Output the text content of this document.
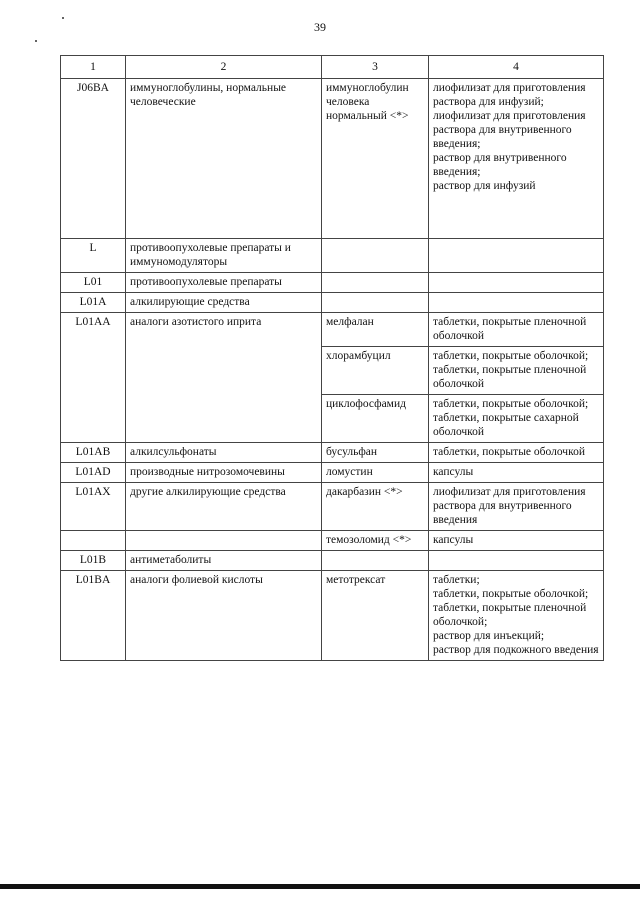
39
1	2	3	4
J06BA	иммуноглобулины, нормальные человеческие	иммуноглобулин человека нормальный <*>	лиофилизат для приготовления раствора для инфузий;
лиофилизат для приготовления раствора для внутривенного введения;
раствор для внутривенного введения;
раствор для инфузий
L	противоопухолевые препараты и иммуномодуляторы		
L01	противоопухолевые препараты		
L01A	алкилирующие средства		
L01AA	аналоги азотистого иприта	мелфалан	таблетки, покрытые пленочной оболочкой
		хлорамбуцил	таблетки, покрытые оболочкой;
таблетки, покрытые пленочной оболочкой
		циклофосфамид	таблетки, покрытые оболочкой;
таблетки, покрытые сахарной оболочкой
L01AB	алкилсульфонаты	бусульфан	таблетки, покрытые оболочкой
L01AD	производные нитрозомочевины	ломустин	капсулы
L01AX	другие алкилирующие средства	дакарбазин <*>	лиофилизат для приготовления раствора для внутривенного введения
		темозоломид <*>	капсулы
L01B	антиметаболиты		
L01BA	аналоги фолиевой кислоты	метотрексат	таблетки;
таблетки, покрытые оболочкой;
таблетки, покрытые пленочной оболочкой;
раствор для инъекций;
раствор для подкожного введения
